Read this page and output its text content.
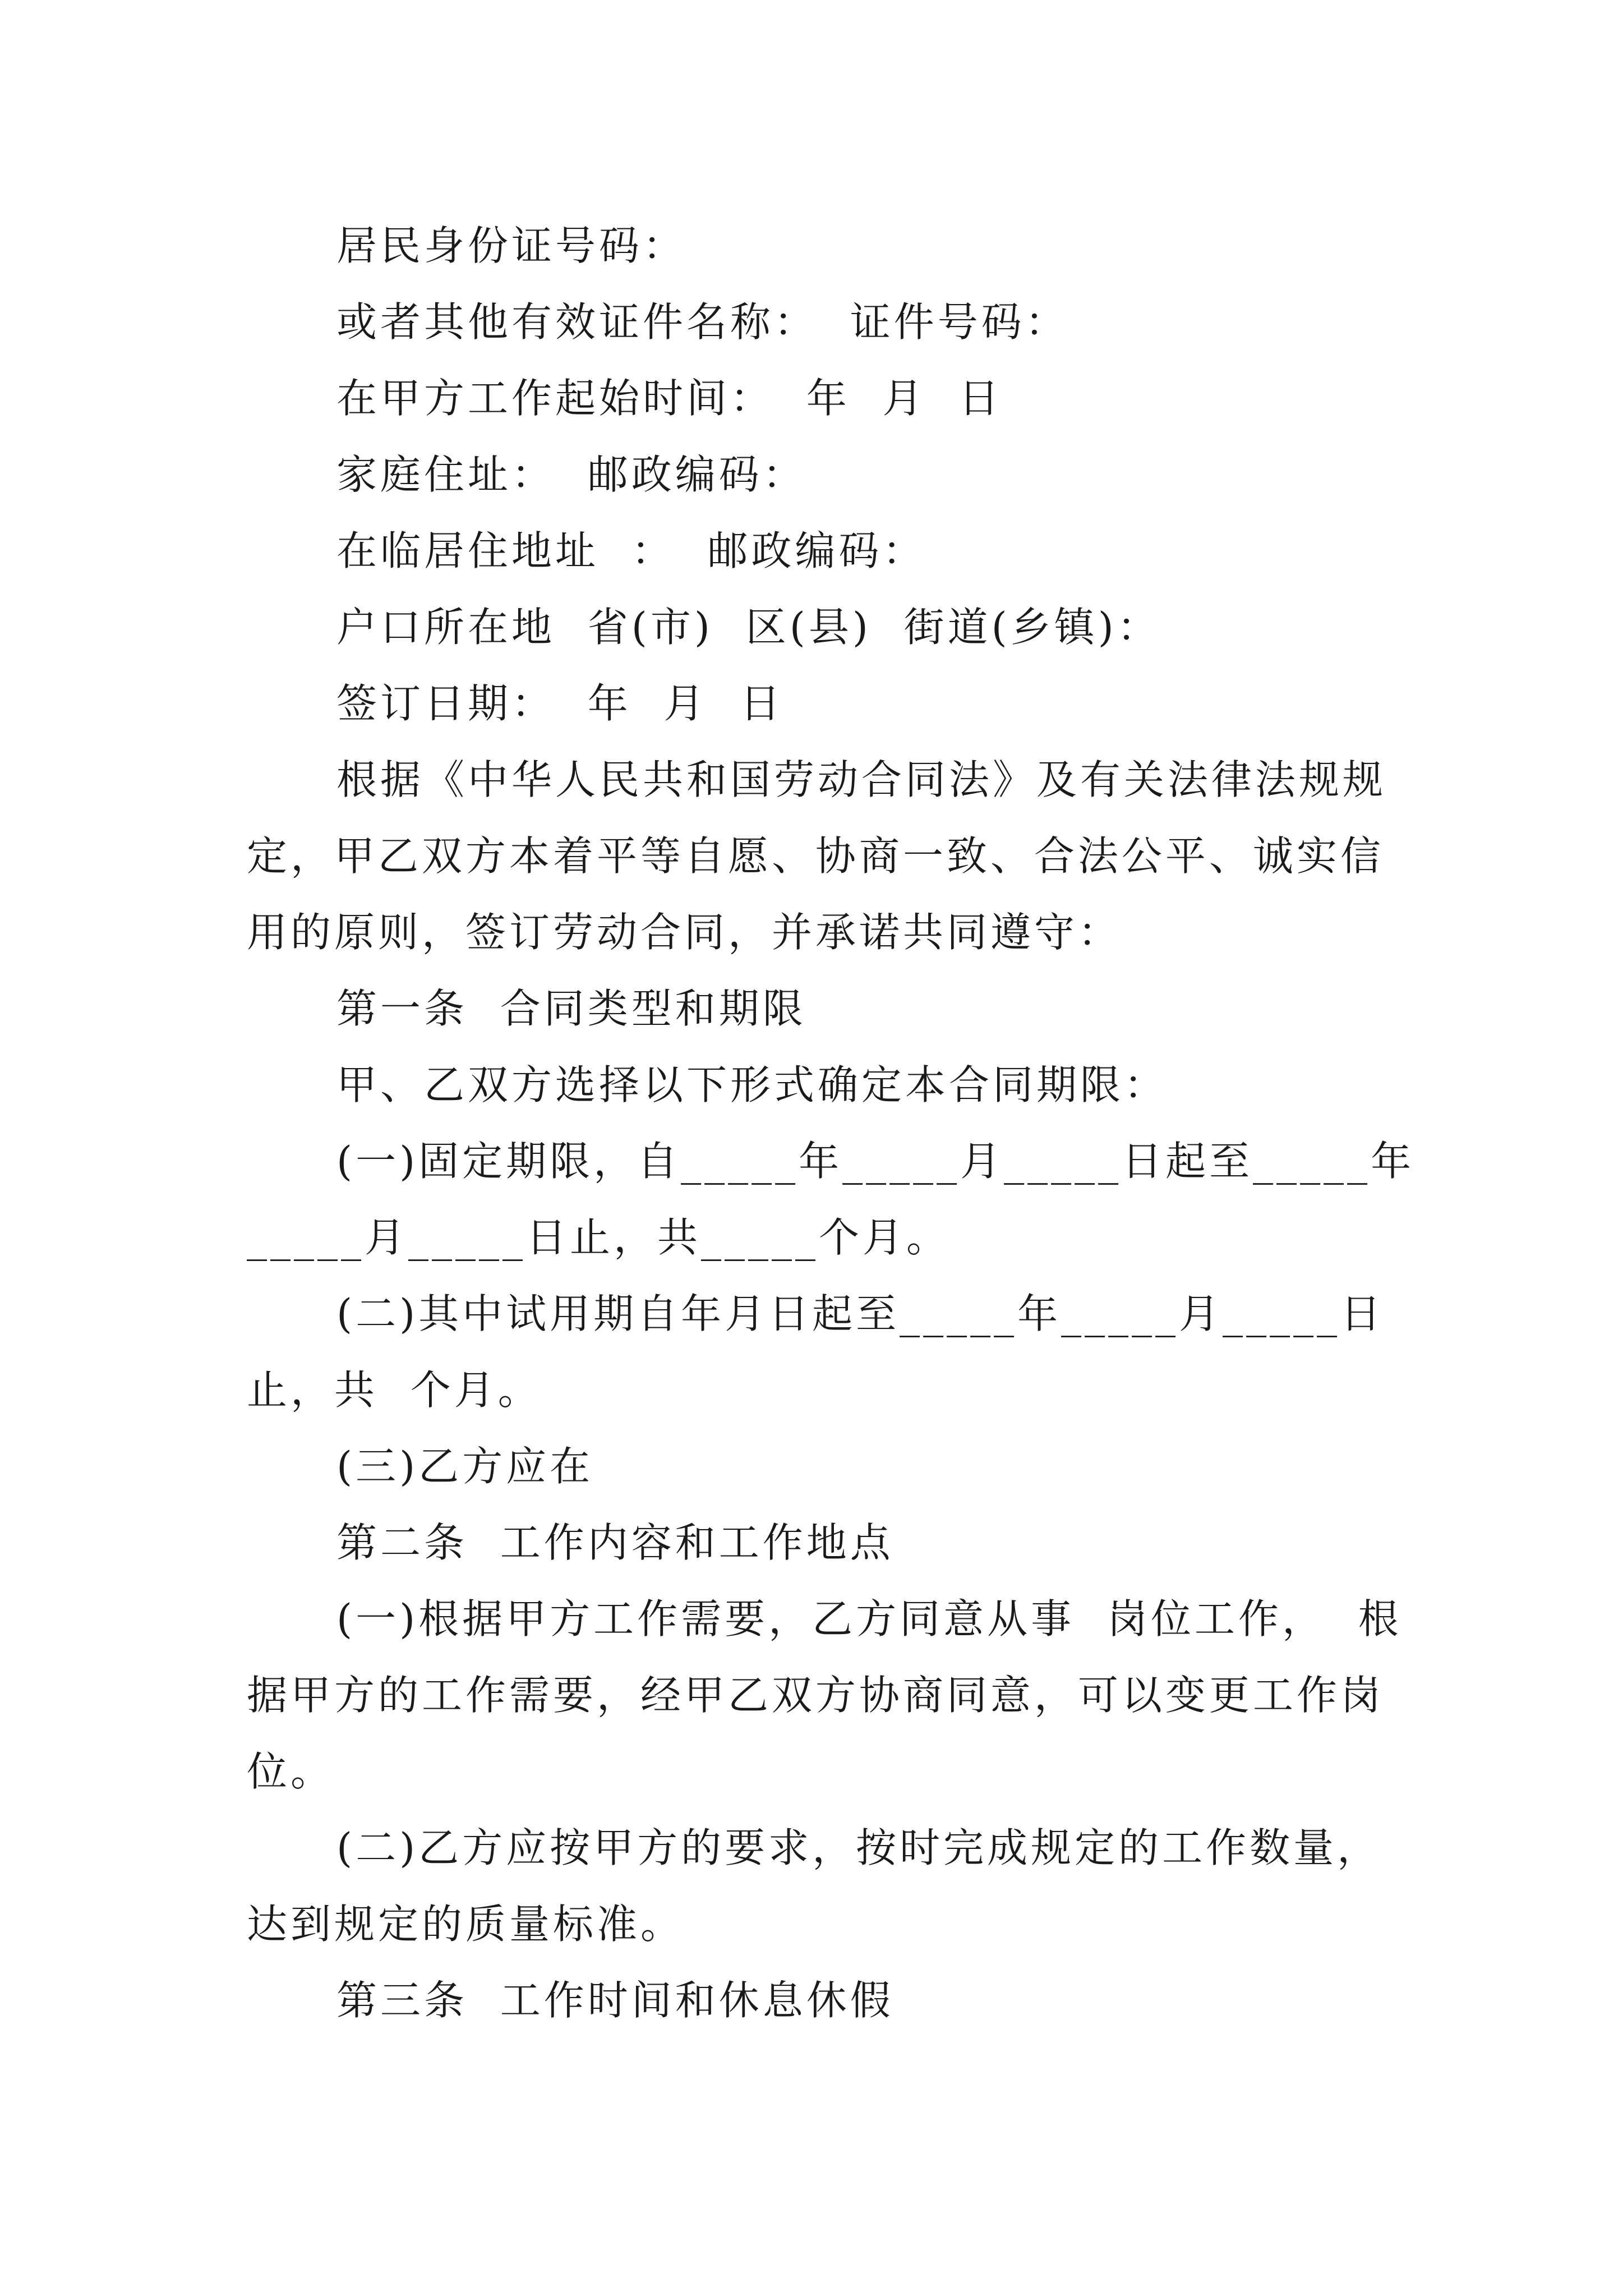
居民身份证号码：
或者其他有效证件名称：  证件号码：
在甲方工作起始时间：  年  月  日
家庭住址：  邮政编码：
在临居住地址  ：  邮政编码：
户口所在地  省(市)  区(县)  街道(乡镇)：
签订日期：  年  月  日
根据《中华人民共和国劳动合同法》及有关法律法规规
定，甲乙双方本着平等自愿、协商一致、合法公平、诚实信
用的原则，签订劳动合同，并承诺共同遵守：
第一条  合同类型和期限
甲、乙双方选择以下形式确定本合同期限：
(一)固定期限，自_____年_____月_____日起至_____年
_____月_____日止，共_____个月。
(二)其中试用期自年月日起至_____年_____月_____日
止，共  个月。
(三)乙方应在
第二条  工作内容和工作地点
(一)根据甲方工作需要，乙方同意从事  岗位工作，  根
据甲方的工作需要，经甲乙双方协商同意，可以变更工作岗
位。
(二)乙方应按甲方的要求，按时完成规定的工作数量，
达到规定的质量标准。
第三条  工作时间和休息休假
